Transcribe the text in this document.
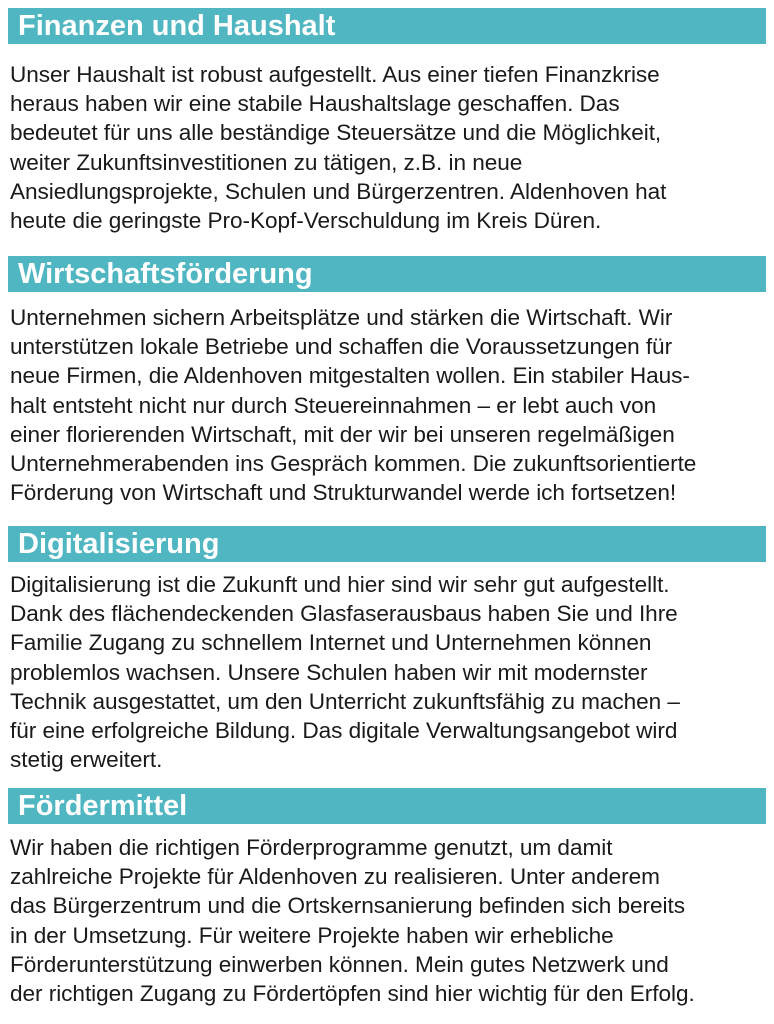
Finanzen und Haushalt
Unser Haushalt ist robust aufgestellt. Aus einer tiefen Finanzkrise
heraus haben wir eine stabile Haushaltslage geschaffen. Das
bedeutet für uns alle beständige Steuersätze und die Möglichkeit,
weiter Zukunftsinvestitionen zu tätigen, z.B. in neue
Ansiedlungsprojekte, Schulen und Bürgerzentren. Aldenhoven hat
heute die geringste Pro-Kopf-Verschuldung im Kreis Düren.
Wirtschaftsförderung
Unternehmen sichern Arbeitsplätze und stärken die Wirtschaft. Wir
unterstützen lokale Betriebe und schaffen die Voraussetzungen für
neue Firmen, die Aldenhoven mitgestalten wollen. Ein stabiler Haus-
halt entsteht nicht nur durch Steuereinnahmen – er lebt auch von
einer florierenden Wirtschaft, mit der wir bei unseren regelmäßigen
Unternehmerabenden ins Gespräch kommen. Die zukunftsorientierte
Förderung von Wirtschaft und Strukturwandel werde ich fortsetzen!
Digitalisierung
Digitalisierung ist die Zukunft und hier sind wir sehr gut aufgestellt.
Dank des flächendeckenden Glasfaserausbaus haben Sie und Ihre
Familie Zugang zu schnellem Internet und Unternehmen können
problemlos wachsen. Unsere Schulen haben wir mit modernster
Technik ausgestattet, um den Unterricht zukunftsfähig zu machen –
für eine erfolgreiche Bildung. Das digitale Verwaltungsangebot wird
stetig erweitert.
Fördermittel
Wir haben die richtigen Förderprogramme genutzt, um damit
zahlreiche Projekte für Aldenhoven zu realisieren. Unter anderem
das Bürgerzentrum und die Ortskernsanierung befinden sich bereits
in der Umsetzung. Für weitere Projekte haben wir erhebliche
Förderunterstützung einwerben können. Mein gutes Netzwerk und
der richtigen Zugang zu Fördertöpfen sind hier wichtig für den Erfolg.
